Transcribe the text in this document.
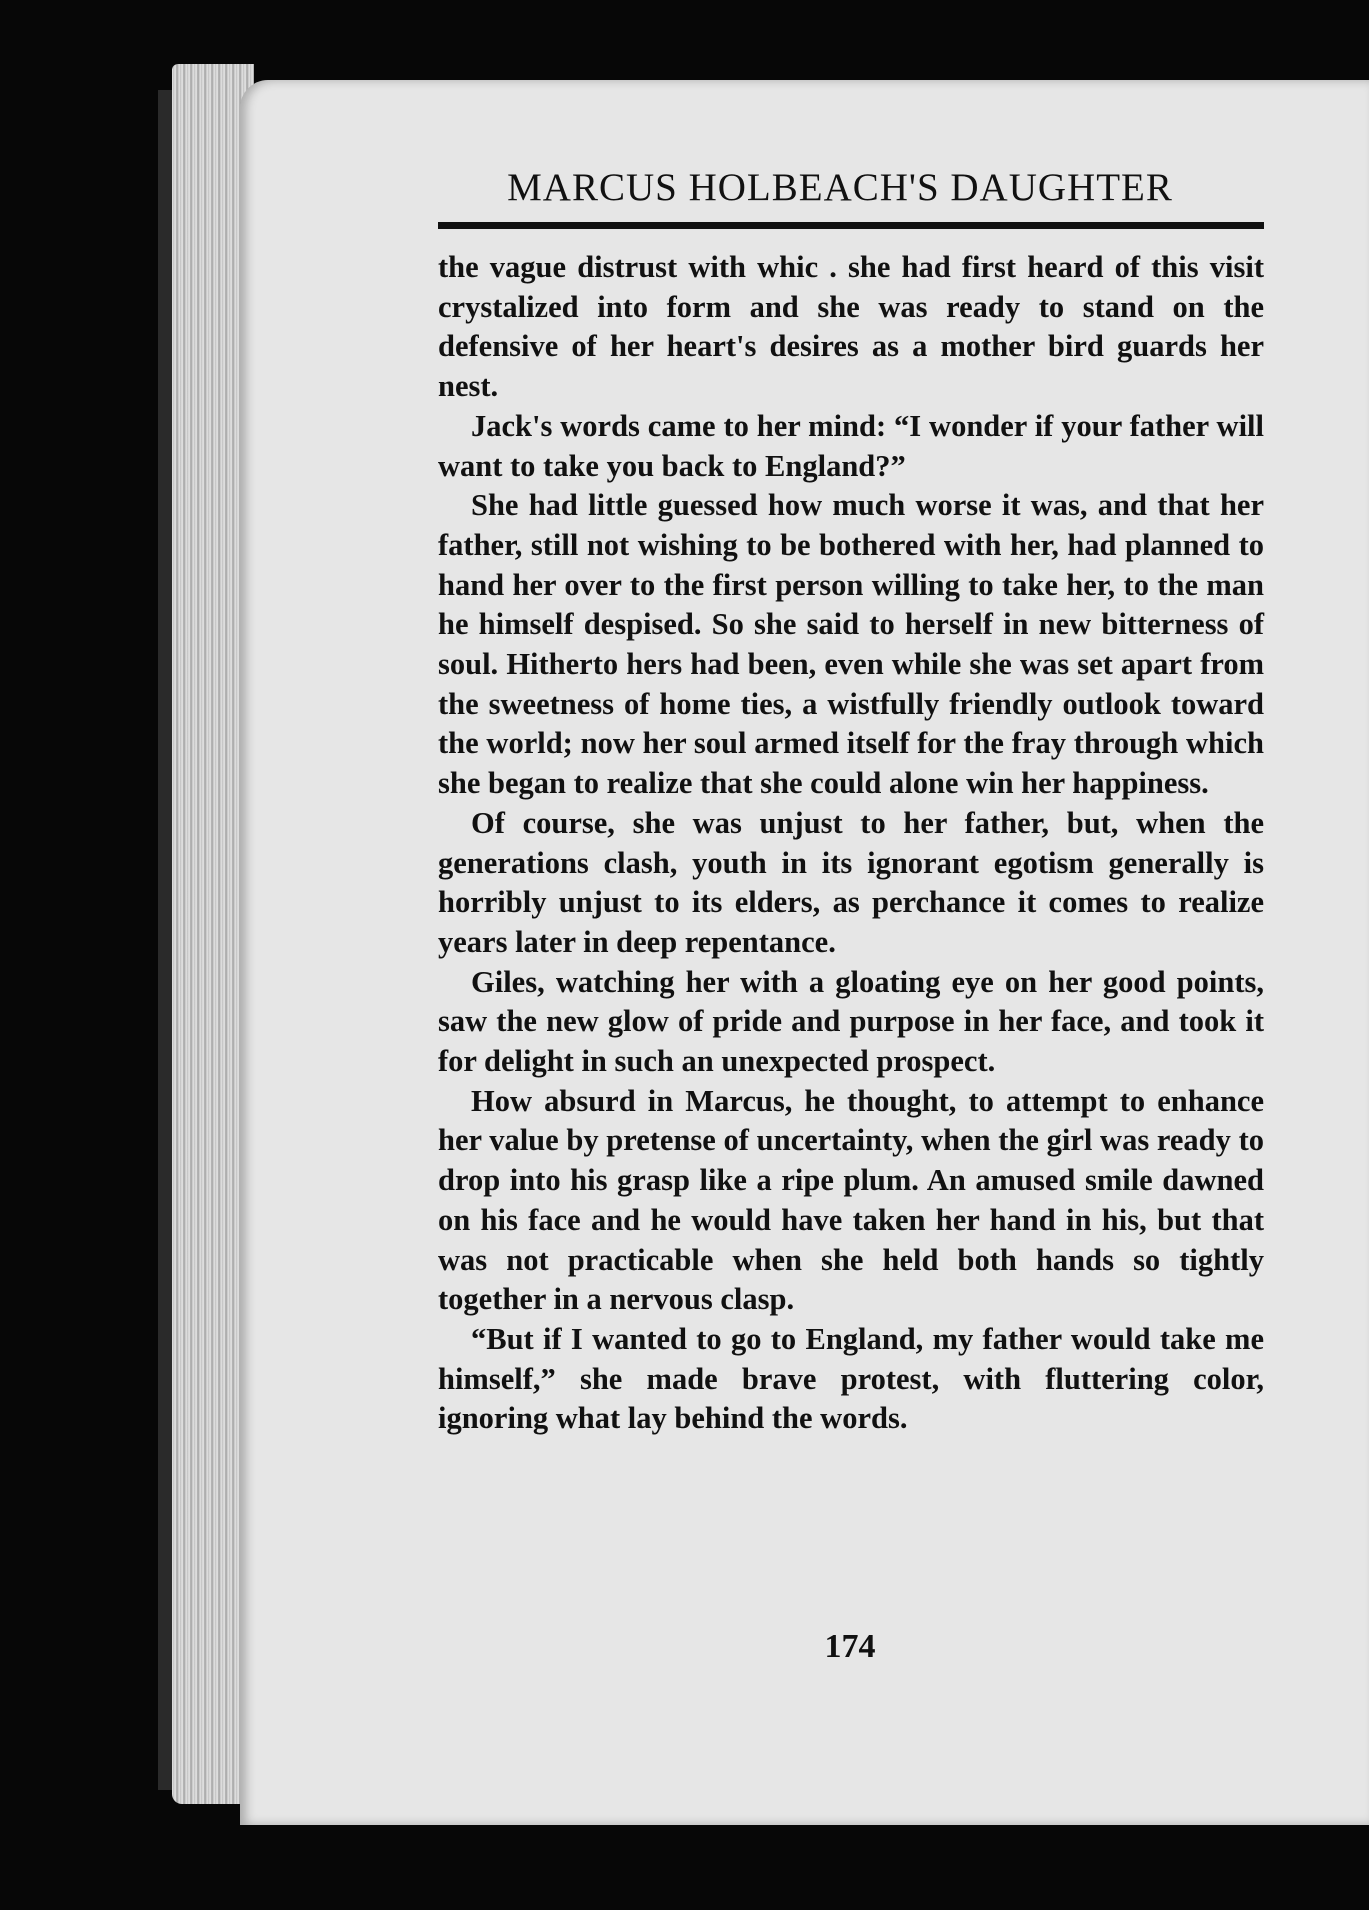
MARCUS HOLBEACH'S DAUGHTER

the vague distrust with whic . she had first heard of this visit crystalized into form and she was ready to stand on the defensive of her heart's desires as a mother bird guards her nest.

Jack's words came to her mind: “I wonder if your father will want to take you back to England?”

She had little guessed how much worse it was, and that her father, still not wishing to be bothered with her, had planned to hand her over to the first person willing to take her, to the man he himself despised. So she said to herself in new bitterness of soul. Hitherto hers had been, even while she was set apart from the sweetness of home ties, a wistfully friendly outlook toward the world; now her soul armed itself for the fray through which she began to realize that she could alone win her happiness.

Of course, she was unjust to her father, but, when the generations clash, youth in its ignorant egotism generally is horribly unjust to its elders, as perchance it comes to realize years later in deep repentance.

Giles, watching her with a gloating eye on her good points, saw the new glow of pride and purpose in her face, and took it for delight in such an unexpected prospect.

How absurd in Marcus, he thought, to attempt to enhance her value by pretense of uncertainty, when the girl was ready to drop into his grasp like a ripe plum. An amused smile dawned on his face and he would have taken her hand in his, but that was not practicable when she held both hands so tightly together in a nervous clasp.

“But if I wanted to go to England, my father would take me himself,” she made brave protest, with fluttering color, ignoring what lay behind the words.

174
